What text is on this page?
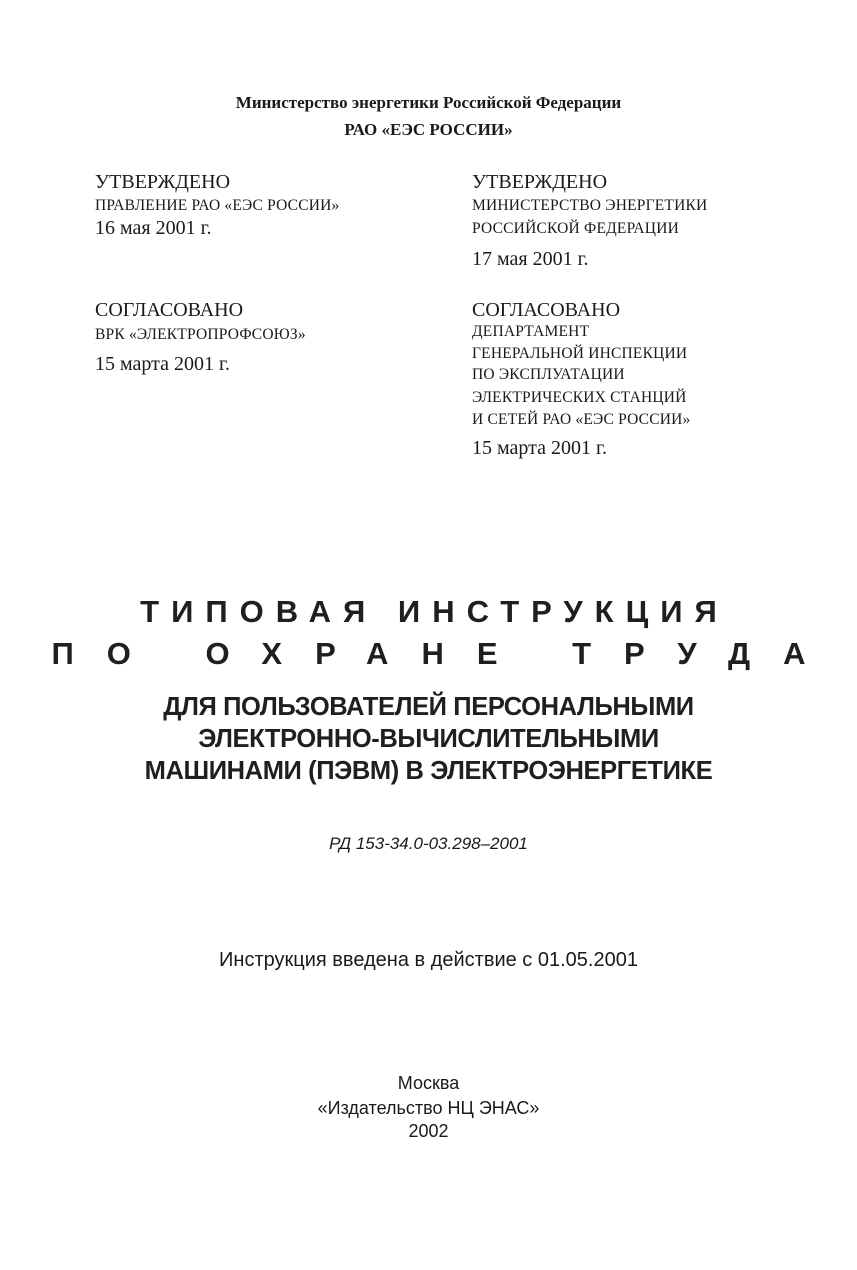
Министерство энергетики Российской Федерации
РАО «ЕЭС РОССИИ»
УТВЕРЖДЕНО
ПРАВЛЕНИЕ РАО «ЕЭС РОССИИ»
16 мая 2001 г.
УТВЕРЖДЕНО
МИНИСТЕРСТВО ЭНЕРГЕТИКИ
РОССИЙСКОЙ ФЕДЕРАЦИИ
17 мая 2001 г.
СОГЛАСОВАНО
ВРК «ЭЛЕКТРОПРОФСОЮЗ»
15 марта 2001 г.
СОГЛАСОВАНО
ДЕПАРТАМЕНТ
ГЕНЕРАЛЬНОЙ ИНСПЕКЦИИ
ПО ЭКСПЛУАТАЦИИ
ЭЛЕКТРИЧЕСКИХ СТАНЦИЙ
И СЕТЕЙ РАО «ЕЭС РОССИИ»
15 марта 2001 г.
ТИПОВАЯ ИНСТРУКЦИЯ
ПО ОХРАНЕ ТРУДА
ДЛЯ ПОЛЬЗОВАТЕЛЕЙ ПЕРСОНАЛЬНЫМИ
ЭЛЕКТРОННО-ВЫЧИСЛИТЕЛЬНЫМИ
МАШИНАМИ (ПЭВМ) В ЭЛЕКТРОЭНЕРГЕТИКЕ
РД 153-34.0-03.298–2001
Инструкция введена в действие с 01.05.2001
Москва
«Издательство НЦ ЭНАС»
2002
